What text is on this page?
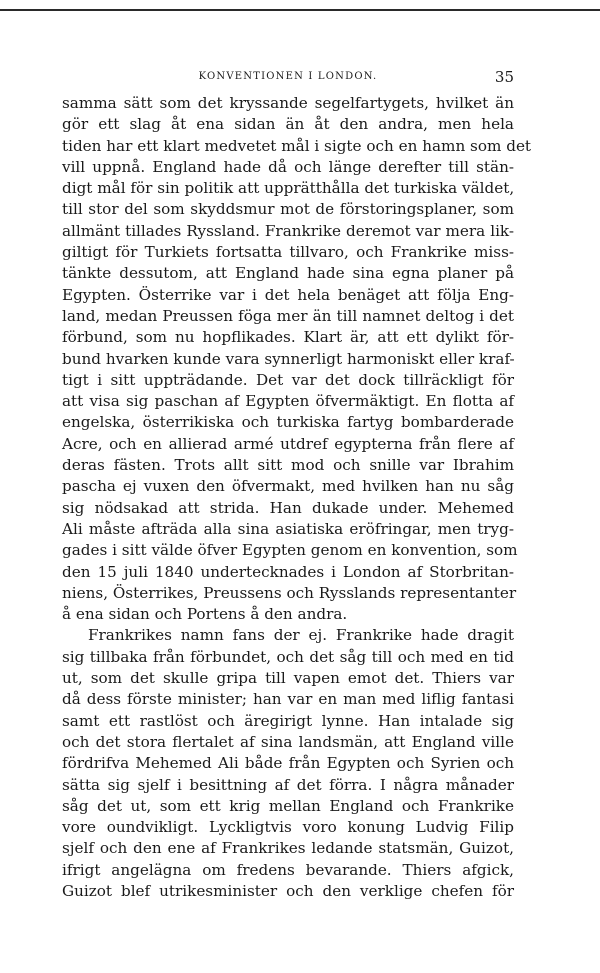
KONVENTIONEN I LONDON.	35
samma sätt som det kryssande segelfartygets, hvilket än
gör ett slag åt ena sidan än åt den andra, men hela
tiden har ett klart medvetet mål i sigte och en hamn som det
vill uppnå. England hade då och länge derefter till stän-
digt mål för sin politik att upprätthålla det turkiska väldet,
till stor del som skyddsmur mot de förstoringsplaner, som
allmänt tillades Ryssland. Frankrike deremot var mera lik-
giltigt för Turkiets fortsatta tillvaro, och Frankrike miss-
tänkte dessutom, att England hade sina egna planer på
Egypten. Österrike var i det hela benäget att följa Eng-
land, medan Preussen föga mer än till namnet deltog i det
förbund, som nu hopflikades. Klart är, att ett dylikt för-
bund hvarken kunde vara synnerligt harmoniskt eller kraf-
tigt i sitt uppträdande. Det var det dock tillräckligt för
att visa sig paschan af Egypten öfvermäktigt. En flotta af
engelska, österrikiska och turkiska fartyg bombarderade
Acre, och en allierad armé utdref egypterna från flere af
deras fästen. Trots allt sitt mod och snille var Ibrahim
pascha ej vuxen den öfvermakt, med hvilken han nu såg
sig nödsakad att strida. Han dukade under. Mehemed
Ali måste afträda alla sina asiatiska eröfringar, men tryg-
gades i sitt välde öfver Egypten genom en konvention, som
den 15 juli 1840 undertecknades i London af Storbritan-
niens, Österrikes, Preussens och Rysslands representanter
å ena sidan och Portens å den andra.
Frankrikes namn fans der ej. Frankrike hade dragit
sig tillbaka från förbundet, och det såg till och med en tid
ut, som det skulle gripa till vapen emot det. Thiers var
då dess förste minister; han var en man med liflig fantasi
samt ett rastlöst och äregirigt lynne. Han intalade sig
och det stora flertalet af sina landsmän, att England ville
fördrifva Mehemed Ali både från Egypten och Syrien och
sätta sig sjelf i besittning af det förra. I några månader
såg det ut, som ett krig mellan England och Frankrike
vore oundvikligt. Lyckligtvis voro konung Ludvig Filip
sjelf och den ene af Frankrikes ledande statsmän, Guizot,
ifrigt angelägna om fredens bevarande. Thiers afgick,
Guizot blef utrikesminister och den verklige chefen för
